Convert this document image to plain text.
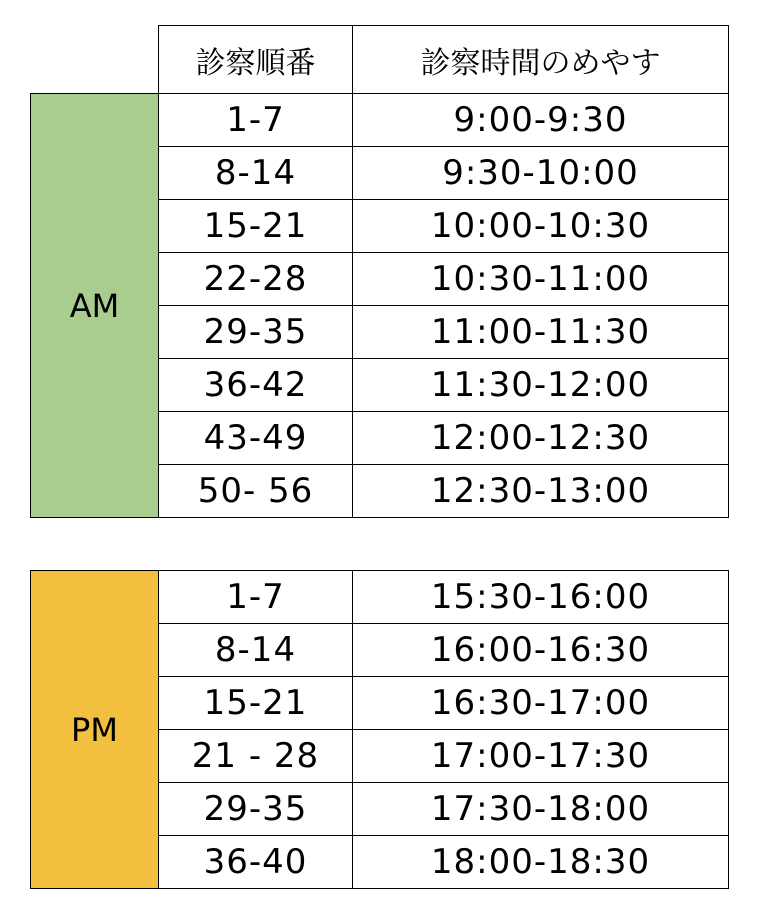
	診察順番	診察時間のめやす
AM	1-7	9:00-9:30
	8-14	9:30-10:00
	15-21	10:00-10:30
	22-28	10:30-11:00
	29-35	11:00-11:30
	36-42	11:30-12:00
	43-49	12:00-12:30
	50- 56	12:30-13:00
PM	1-7	15:30-16:00
	8-14	16:00-16:30
	15-21	16:30-17:00
	21 - 28	17:00-17:30
	29-35	17:30-18:00
	36-40	18:00-18:30
